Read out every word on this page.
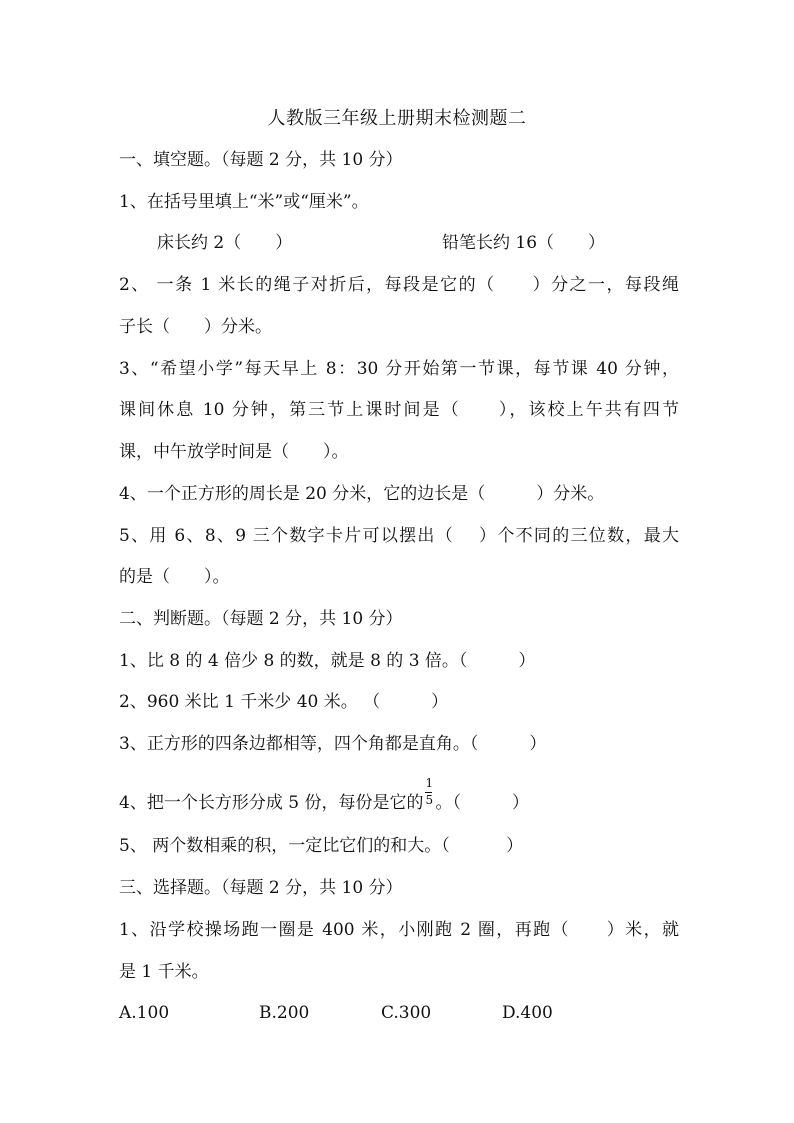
人教版三年级上册期末检测题二
一、填空题。（每题 2 分，共 10 分）
1、在括号里填上“米”或“厘米”。
床长约 2（　　）	铅笔长约 16（　　）
2、 一条 1 米长的绳子对折后，每段是它的（　　）分之一，每段绳
子长（　　）分米。
3、“希望小学”每天早上 8：30 分开始第一节课，每节课 40 分钟，
课间休息 10 分钟，第三节上课时间是（　　），该校上午共有四节
课，中午放学时间是（　　）。
4、一个正方形的周长是 20 分米，它的边长是（　　　）分米。
5、用 6、8、9 三个数字卡片可以摆出（　 ）个不同的三位数，最大
的是（　　）。
二、判断题。（每题 2 分，共 10 分）
1、比 8 的 4 倍少 8 的数，就是 8 的 3 倍。（　　　）
2、960 米比 1 千米少 40 米。 （　　　）
3、正方形的四条边都相等，四个角都是直角。（　　　）
4、把一个长方形分成 5 份，每份是它的 $\frac{1}{5}$ 。（　　　）
5、 两个数相乘的积，一定比它们的和大。（　　　 ）
三、选择题。（每题 2 分，共 10 分）
1、沿学校操场跑一圈是 400 米，小刚跑 2 圈，再跑（　　）米，就
是 1 千米。
A.100	B.200	C.300	D.400
